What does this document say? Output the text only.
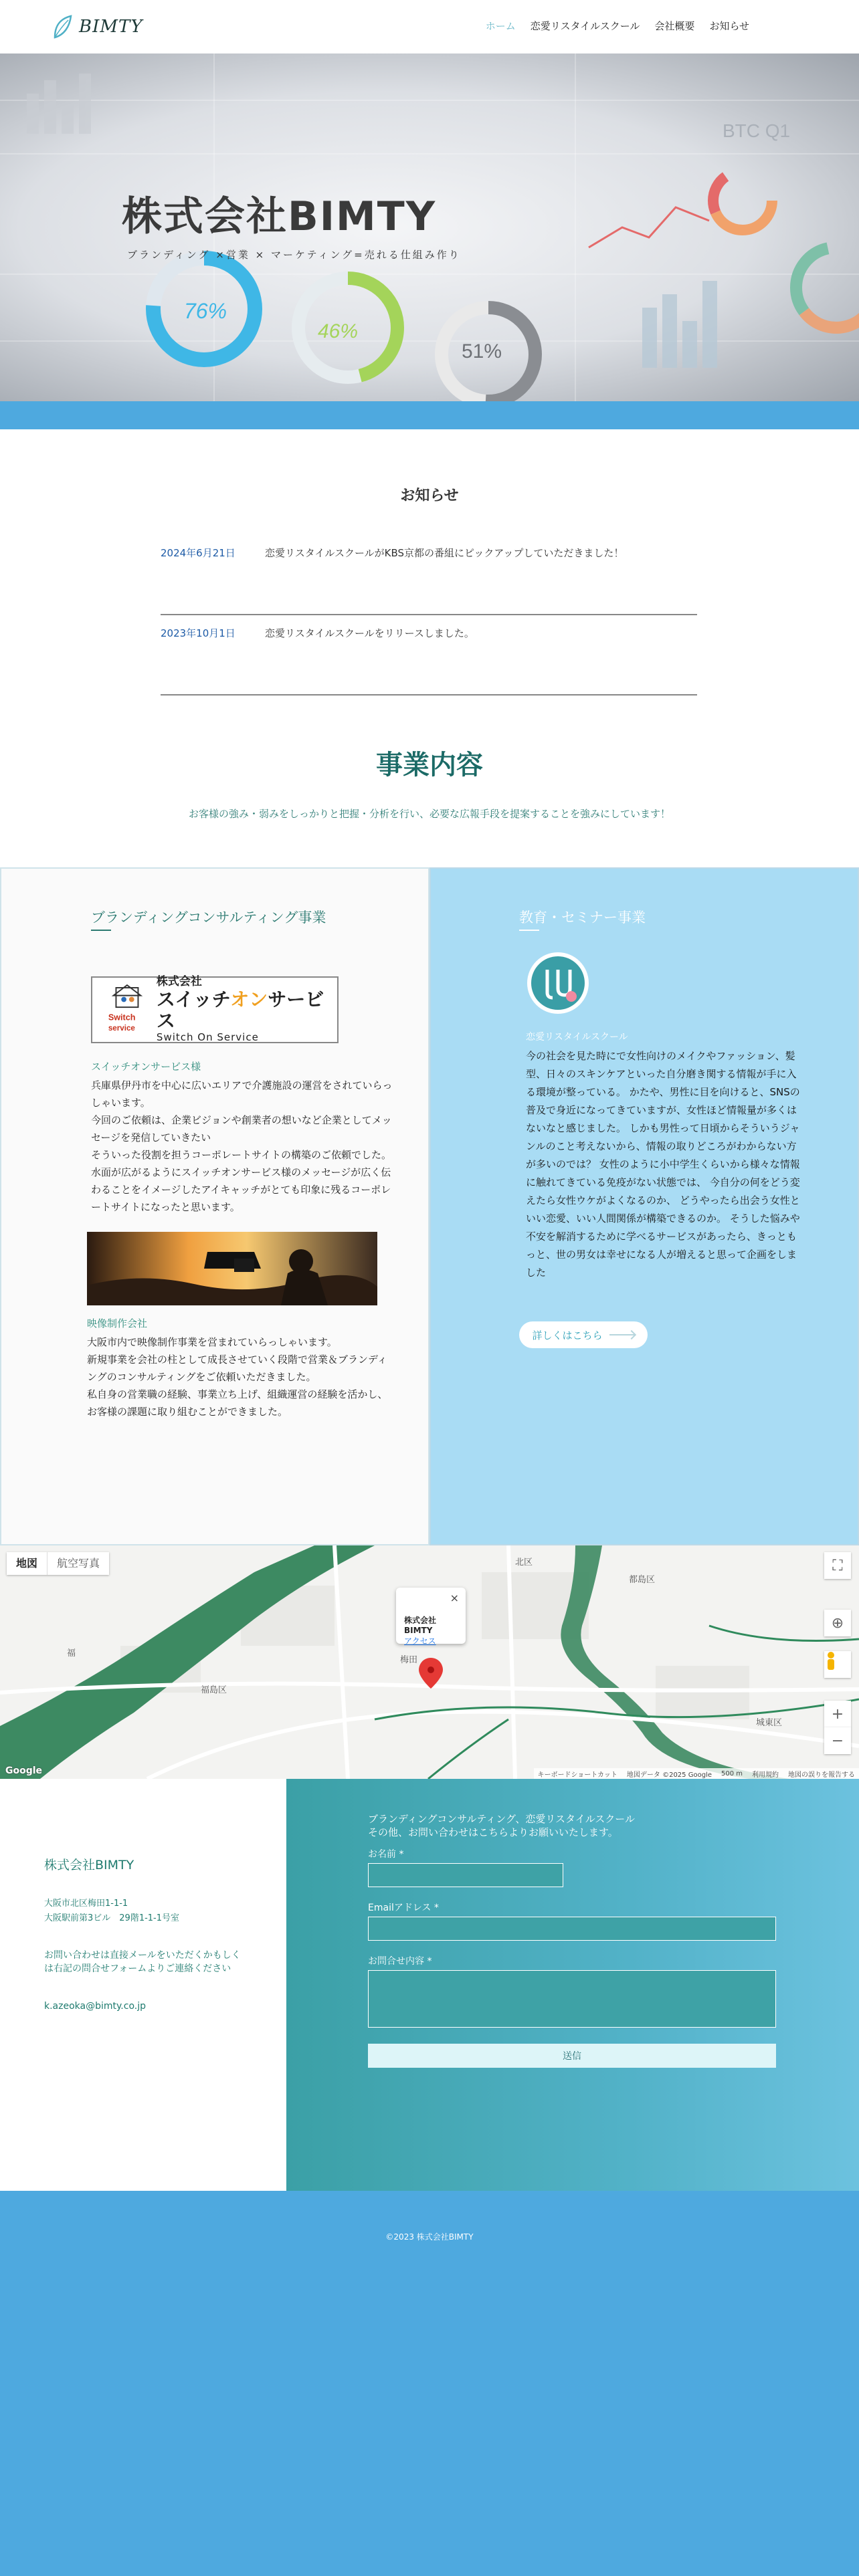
BIMTY	ホーム 恋愛リスタイルスクール 会社概要 お知らせ
76%
46%
51%
BTC Q1
株式会社BIMTY
ブランディング ×営業 × マーケティング=売れる仕組み作り
お知らせ
2024年6月21日	恋愛リスタイルスクールがKBS京都の番組にピックアップしていただきました！
2023年10月1日	恋愛リスタイルスクールをリリースしました。
事業内容
お客様の強み・弱みをしっかりと把握・分析を行い、必要な広報手段を提案することを強みにしています！
ブランディングコンサルティング事業
Switch
service
株式会社
スイッチオンサービス
Switch On Service
スイッチオンサービス様
兵庫県伊丹市を中心に広いエリアで介護施設の運営をされていらっしゃいます。
今回のご依頼は、企業ビジョンや創業者の想いなど企業としてメッセージを発信していきたい
そういった役割を担うコーポレートサイトの構築のご依頼でした。
水面が広がるようにスイッチオンサービス様のメッセージが広く伝わることをイメージしたアイキャッチがとても印象に残るコーポレートサイトになったと思います。
映像制作会社
大阪市内で映像制作事業を営まれていらっしゃいます。
新規事業を会社の柱として成長させていく段階で営業＆ブランディングのコンサルティングをご依頼いただきました。
私自身の営業職の経験、事業立ち上げ、組織運営の経験を活かし、お客様の課題に取り組むことができました。
教育・セミナー事業
恋愛リスタイルスクール
今の社会を見た時にで女性向けのメイクやファッション、髪型、日々のスキンケアといった自分磨き関する情報が手に入る環境が整っている。 かたや、男性に目を向けると、SNSの普及で身近になってきていますが、女性ほど情報量が多くはないなと感じました。 しかも男性って日頃からそういうジャンルのこと考えないから、情報の取りどころがわからない方が多いのでは？ 女性のように小中学生くらいから様々な情報に触れてきている免疫がない状態では、 今自分の何をどう変えたら女性ウケがよくなるのか、 どうやったら出会う女性といい恋愛、いい人間関係が構築できるのか。 そうした悩みや不安を解消するために学べるサービスがあったら、きっともっと、世の男女は幸せになる人が増えると思って企画をしました
詳しくはこちら
地図	航空写真
×
株式会社BIMTY
アクセス
北区
都島区
福島区
梅田
城東区
福
⛶
⊕
+
−
Google	キーボードショートカット 地図データ ©2025 Google 500 m 利用規約 地図の誤りを報告する
株式会社BIMTY
大阪市北区梅田1-1-1
大阪駅前第3ビル　29階1-1-1号室
お問い合わせは直接メールをいただくかもしくは右記の問合せフォームよりご連絡ください
k.azeoka@bimty.co.jp
ブランディングコンサルティング、恋愛リスタイルスクール
その他、お問い合わせはこちらよりお願いいたします。
お名前 *
Emailアドレス *
お問合せ内容 *
送信
©2023 株式会社BIMTY
